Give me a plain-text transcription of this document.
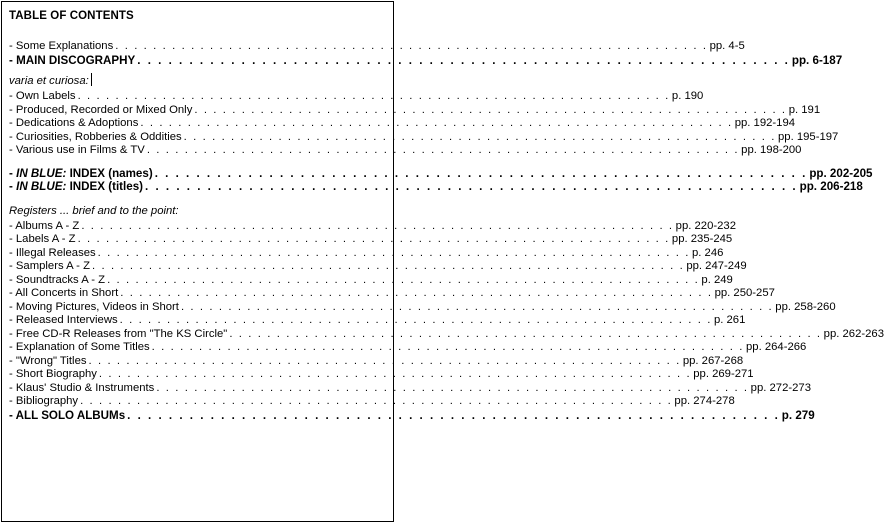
TABLE OF CONTENTS
- Some Explanations . . . . . . . . . . . . . . . . . . . . . . . . . . . . . . . . . . . . . . . . . . . . . . . . . . . . . . . . . . . . . . . pp. 4-5
- MAIN DISCOGRAPHY . . . . . . . . . . . . . . . . . . . . . . . . . . . . . . . . . . . . . . . . . . . . . . . . . . . . . . . . . . . . . . . pp. 6-187
varia et curiosa:
- Own Labels . . . . . . . . . . . . . . . . . . . . . . . . . . . . . . . . . . . . . . . . . . . . . . . . . . . . . . . . . . . . . . . p. 190
- Produced, Recorded or Mixed Only . . . . . . . . . . . . . . . . . . . . . . . . . . . . . . . . . . . . . . . . . . . . . . . . . . . . . . . . . . . . . . . p. 191
- Dedications & Adoptions . . . . . . . . . . . . . . . . . . . . . . . . . . . . . . . . . . . . . . . . . . . . . . . . . . . . . . . . . . . . . . . pp. 192-194
- Curiosities, Robberies & Oddities . . . . . . . . . . . . . . . . . . . . . . . . . . . . . . . . . . . . . . . . . . . . . . . . . . . . . . . . . . . . . . . pp. 195-197
- Various use in Films & TV . . . . . . . . . . . . . . . . . . . . . . . . . . . . . . . . . . . . . . . . . . . . . . . . . . . . . . . . . . . . . . . pp. 198-200
- IN BLUE: INDEX (names) . . . . . . . . . . . . . . . . . . . . . . . . . . . . . . . . . . . . . . . . . . . . . . . . . . . . . . . . . . . . . . . pp. 202-205
- IN BLUE: INDEX (titles) . . . . . . . . . . . . . . . . . . . . . . . . . . . . . . . . . . . . . . . . . . . . . . . . . . . . . . . . . . . . . . . pp. 206-218
Registers ... brief and to the point:
- Albums A - Z . . . . . . . . . . . . . . . . . . . . . . . . . . . . . . . . . . . . . . . . . . . . . . . . . . . . . . . . . . . . . . . pp. 220-232
- Labels A - Z . . . . . . . . . . . . . . . . . . . . . . . . . . . . . . . . . . . . . . . . . . . . . . . . . . . . . . . . . . . . . . . pp. 235-245
- Illegal Releases . . . . . . . . . . . . . . . . . . . . . . . . . . . . . . . . . . . . . . . . . . . . . . . . . . . . . . . . . . . . . . . p. 246
- Samplers A - Z . . . . . . . . . . . . . . . . . . . . . . . . . . . . . . . . . . . . . . . . . . . . . . . . . . . . . . . . . . . . . . . pp. 247-249
- Soundtracks A - Z . . . . . . . . . . . . . . . . . . . . . . . . . . . . . . . . . . . . . . . . . . . . . . . . . . . . . . . . . . . . . . . p. 249
- All Concerts in Short . . . . . . . . . . . . . . . . . . . . . . . . . . . . . . . . . . . . . . . . . . . . . . . . . . . . . . . . . . . . . . . pp. 250-257
- Moving Pictures, Videos in Short . . . . . . . . . . . . . . . . . . . . . . . . . . . . . . . . . . . . . . . . . . . . . . . . . . . . . . . . . . . . . . . pp. 258-260
- Released Interviews . . . . . . . . . . . . . . . . . . . . . . . . . . . . . . . . . . . . . . . . . . . . . . . . . . . . . . . . . . . . . . . p. 261
- Free CD-R Releases from "The KS Circle" . . . . . . . . . . . . . . . . . . . . . . . . . . . . . . . . . . . . . . . . . . . . . . . . . . . . . . . . . . . . . . . pp. 262-263
- Explanation of Some Titles . . . . . . . . . . . . . . . . . . . . . . . . . . . . . . . . . . . . . . . . . . . . . . . . . . . . . . . . . . . . . . . pp. 264-266
- "Wrong" Titles . . . . . . . . . . . . . . . . . . . . . . . . . . . . . . . . . . . . . . . . . . . . . . . . . . . . . . . . . . . . . . . pp. 267-268
- Short Biography . . . . . . . . . . . . . . . . . . . . . . . . . . . . . . . . . . . . . . . . . . . . . . . . . . . . . . . . . . . . . . . pp. 269-271
- Klaus' Studio & Instruments . . . . . . . . . . . . . . . . . . . . . . . . . . . . . . . . . . . . . . . . . . . . . . . . . . . . . . . . . . . . . . . pp. 272-273
- Bibliography . . . . . . . . . . . . . . . . . . . . . . . . . . . . . . . . . . . . . . . . . . . . . . . . . . . . . . . . . . . . . . . pp. 274-278
- ALL SOLO ALBUMs . . . . . . . . . . . . . . . . . . . . . . . . . . . . . . . . . . . . . . . . . . . . . . . . . . . . . . . . . . . . . . . p. 279
